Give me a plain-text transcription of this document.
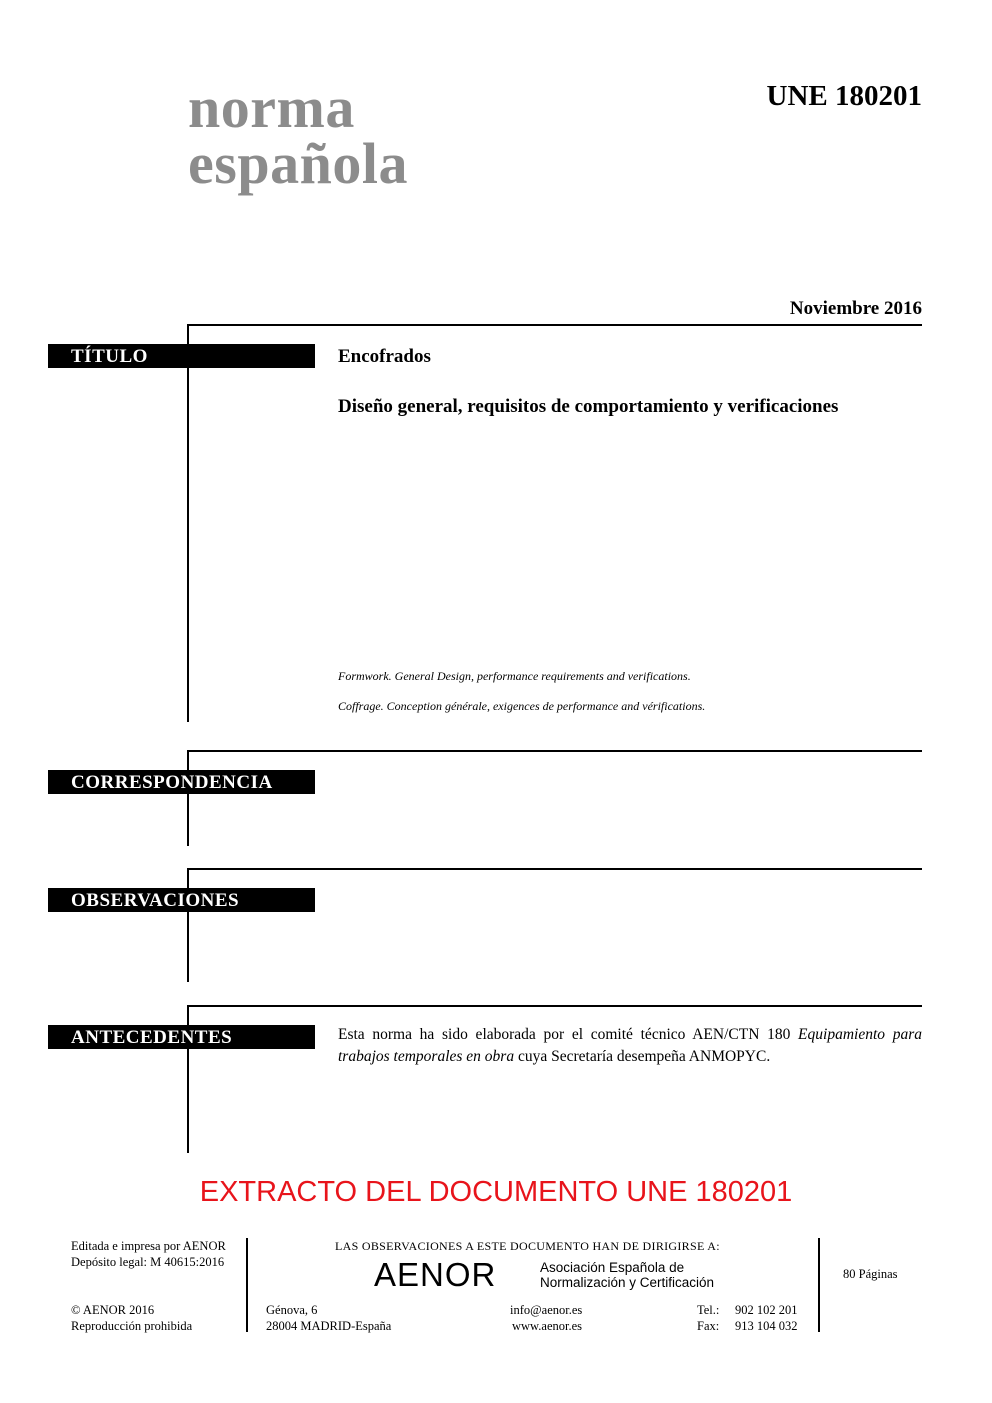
norma
española
UNE 180201
Noviembre 2016
TÍTULO	Encofrados
Diseño general, requisitos de comportamiento y verificaciones
Formwork. General Design, performance requirements and verifications.
Coffrage. Conception générale, exigences de performance and vérifications.
CORRESPONDENCIA
OBSERVACIONES
ANTECEDENTES	Esta norma ha sido elaborada por el comité técnico AEN/CTN 180 Equipamiento para trabajos temporales en obra cuya Secretaría desempeña ANMOPYC.
EXTRACTO DEL DOCUMENTO UNE 180201
Editada e impresa por AENOR
Depósito legal: M 40615:2016
© AENOR 2016
Reproducción prohibida
LAS OBSERVACIONES A ESTE DOCUMENTO HAN DE DIRIGIRSE A:
AENOR	Asociación Española de
Normalización y Certificación
Génova, 6
28004 MADRID-España
info@aenor.es
www.aenor.es
Tel.: 902 102 201
Fax: 913 104 032
80 Páginas
